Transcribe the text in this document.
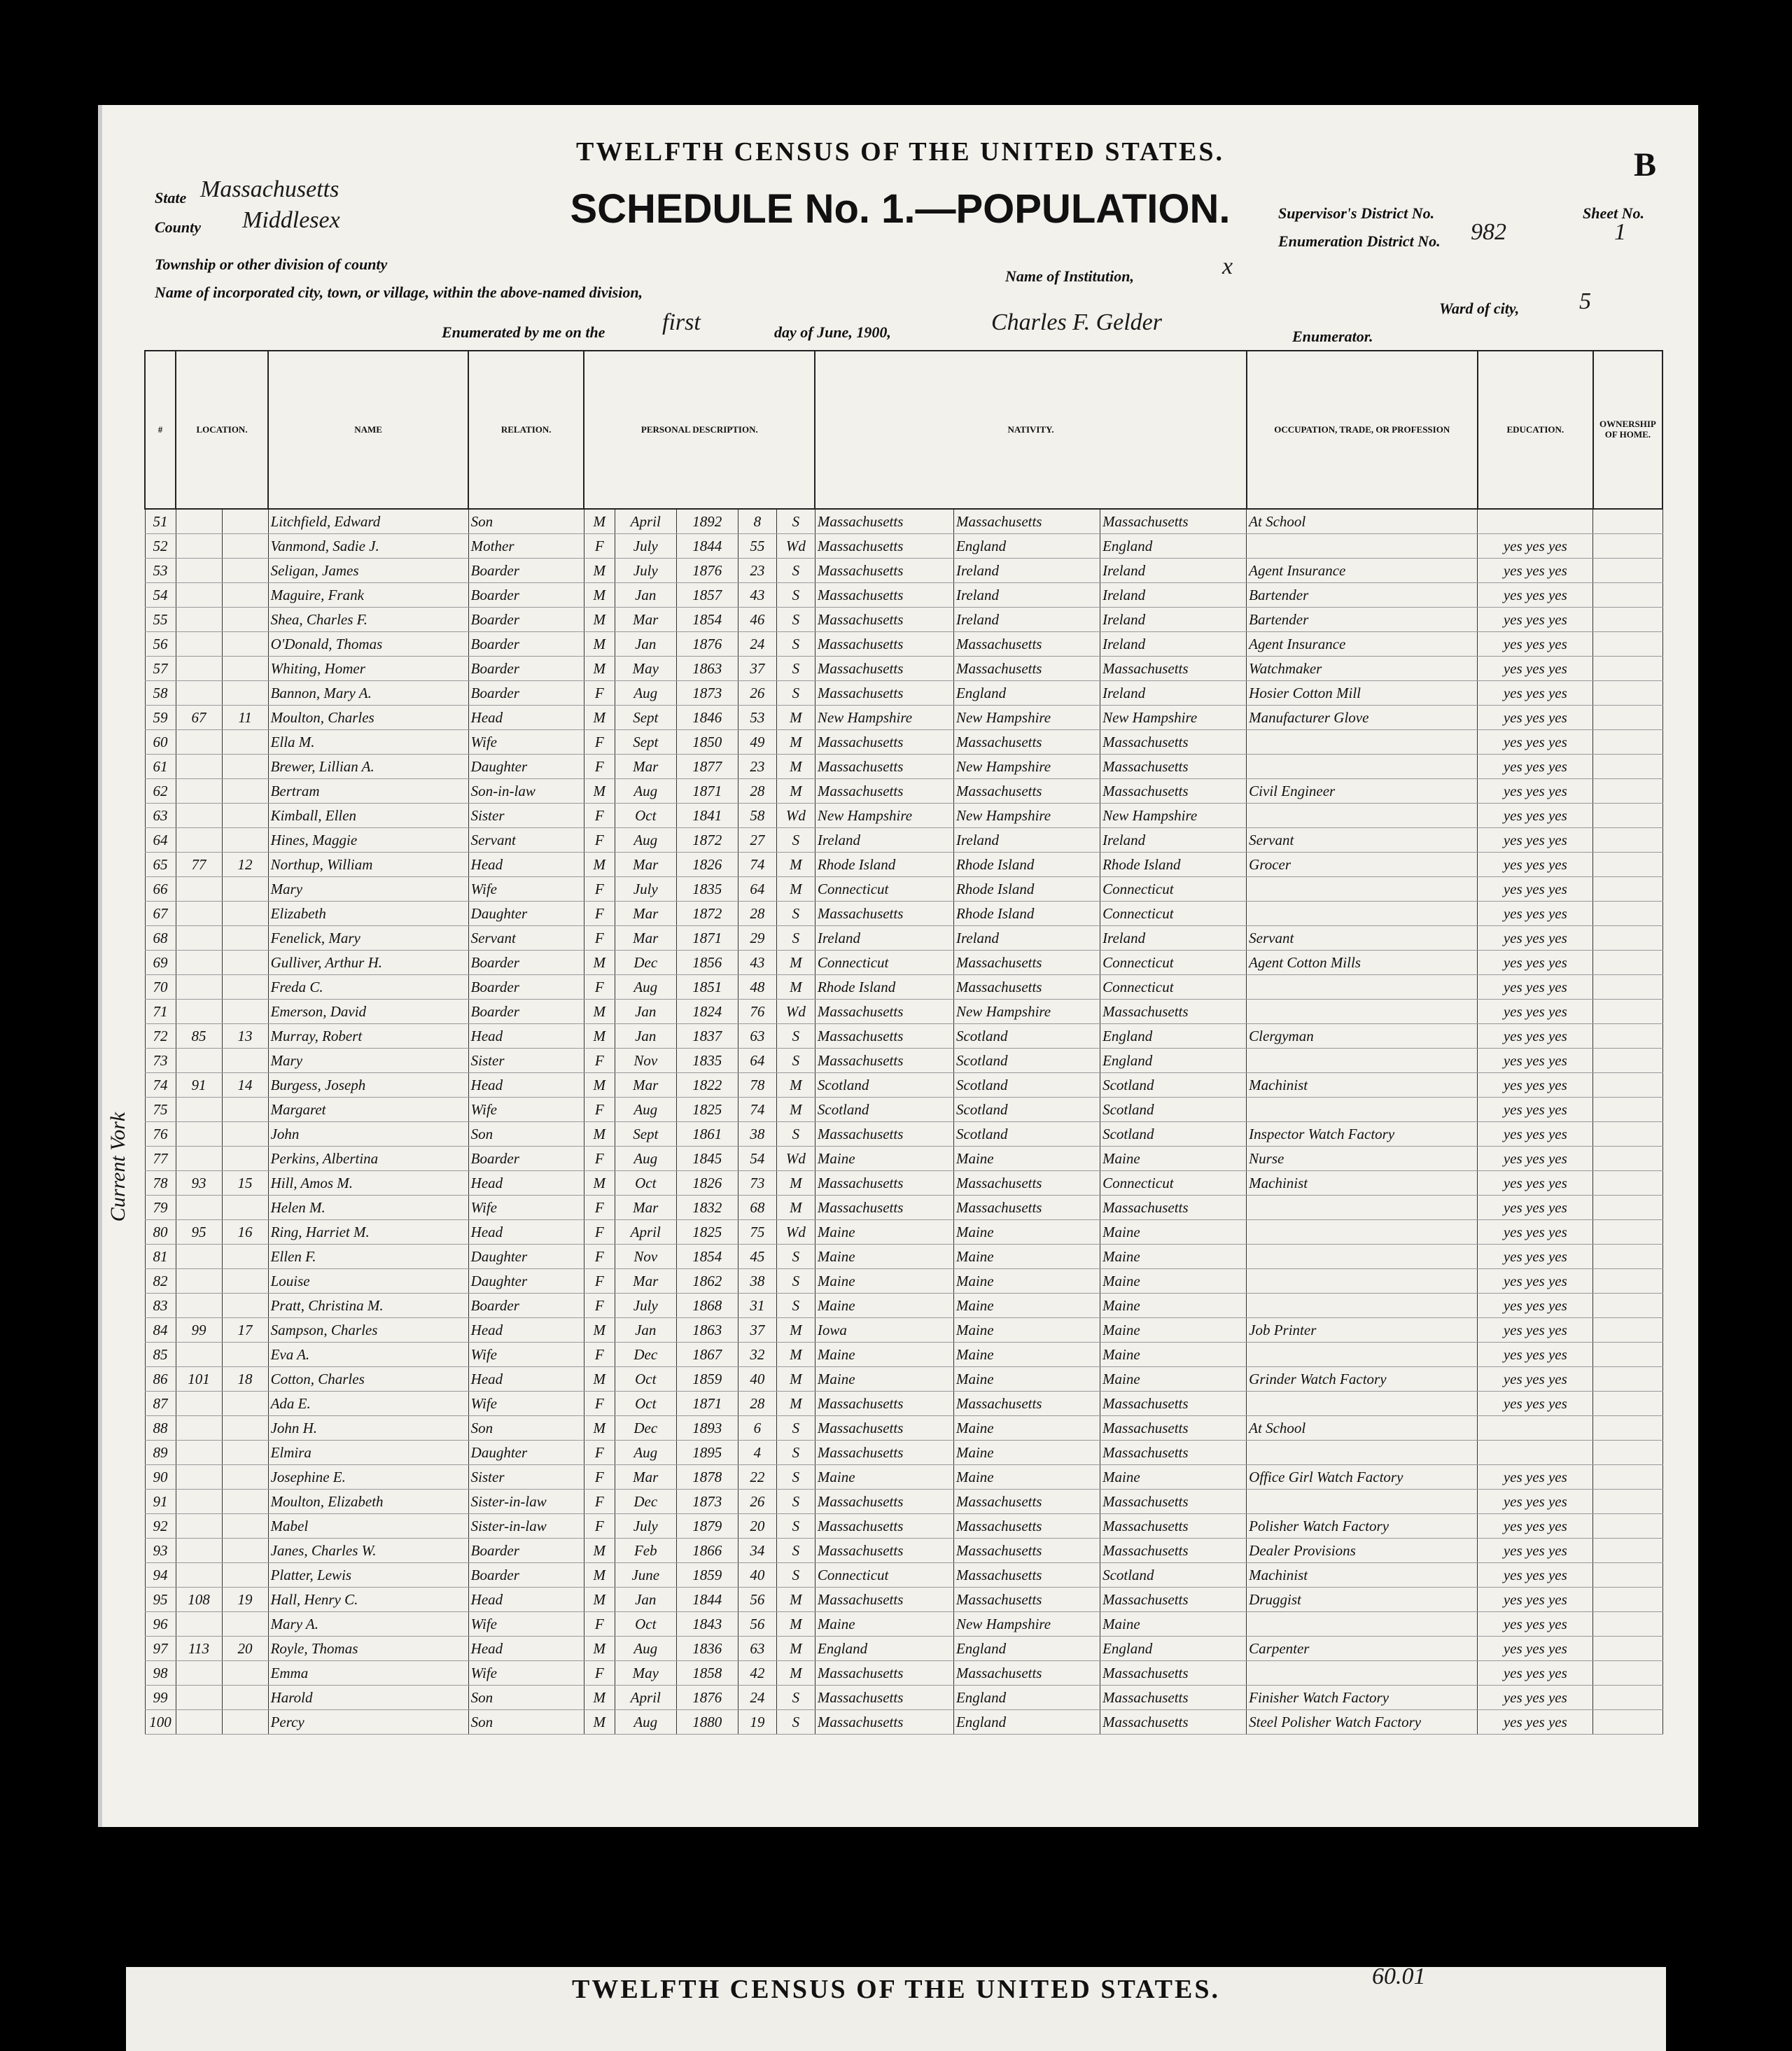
TWELFTH CENSUS OF THE UNITED STATES.
SCHEDULE No. 1.—POPULATION.
B
State Massachusetts
County Middlesex
Township or other division of county
Name of incorporated city, town, or village, within the above-named division,
Name of Institution,	x
Ward of city,	5
Supervisor's District No.
Enumeration District No. 982
Sheet No.
1
Enumerated by me on the first	day of June, 1900,	Charles F. Gelder
Enumerator.
Current Vork
#	LOCATION.		NAME	RELATION.	PERSONAL DESCRIPTION.					NATIVITY.			OCCUPATION, TRADE, OR PROFESSION	EDUCATION.	OWNERSHIP OF HOME.
51			Litchfield, Edward	Son	M	April	1892	8	S	Massachusetts	Massachusetts	Massachusetts	At School		
52			Vanmond, Sadie J.	Mother	F	July	1844	55	Wd	Massachusetts	England	England		yes yes yes	
53			Seligan, James	Boarder	M	July	1876	23	S	Massachusetts	Ireland	Ireland	Agent Insurance	yes yes yes	
54			Maguire, Frank	Boarder	M	Jan	1857	43	S	Massachusetts	Ireland	Ireland	Bartender	yes yes yes	
55			Shea, Charles F.	Boarder	M	Mar	1854	46	S	Massachusetts	Ireland	Ireland	Bartender	yes yes yes	
56			O'Donald, Thomas	Boarder	M	Jan	1876	24	S	Massachusetts	Massachusetts	Ireland	Agent Insurance	yes yes yes	
57			Whiting, Homer	Boarder	M	May	1863	37	S	Massachusetts	Massachusetts	Massachusetts	Watchmaker	yes yes yes	
58			Bannon, Mary A.	Boarder	F	Aug	1873	26	S	Massachusetts	England	Ireland	Hosier Cotton Mill	yes yes yes	
59	67	11	Moulton, Charles	Head	M	Sept	1846	53	M	New Hampshire	New Hampshire	New Hampshire	Manufacturer Glove	yes yes yes	
60			Ella M.	Wife	F	Sept	1850	49	M	Massachusetts	Massachusetts	Massachusetts		yes yes yes	
61			Brewer, Lillian A.	Daughter	F	Mar	1877	23	M	Massachusetts	New Hampshire	Massachusetts		yes yes yes	
62			Bertram	Son-in-law	M	Aug	1871	28	M	Massachusetts	Massachusetts	Massachusetts	Civil Engineer	yes yes yes	
63			Kimball, Ellen	Sister	F	Oct	1841	58	Wd	New Hampshire	New Hampshire	New Hampshire		yes yes yes	
64			Hines, Maggie	Servant	F	Aug	1872	27	S	Ireland	Ireland	Ireland	Servant	yes yes yes	
65	77	12	Northup, William	Head	M	Mar	1826	74	M	Rhode Island	Rhode Island	Rhode Island	Grocer	yes yes yes	
66			Mary	Wife	F	July	1835	64	M	Connecticut	Rhode Island	Connecticut		yes yes yes	
67			Elizabeth	Daughter	F	Mar	1872	28	S	Massachusetts	Rhode Island	Connecticut		yes yes yes	
68			Fenelick, Mary	Servant	F	Mar	1871	29	S	Ireland	Ireland	Ireland	Servant	yes yes yes	
69			Gulliver, Arthur H.	Boarder	M	Dec	1856	43	M	Connecticut	Massachusetts	Connecticut	Agent Cotton Mills	yes yes yes	
70			Freda C.	Boarder	F	Aug	1851	48	M	Rhode Island	Massachusetts	Connecticut		yes yes yes	
71			Emerson, David	Boarder	M	Jan	1824	76	Wd	Massachusetts	New Hampshire	Massachusetts		yes yes yes	
72	85	13	Murray, Robert	Head	M	Jan	1837	63	S	Massachusetts	Scotland	England	Clergyman	yes yes yes	
73			Mary	Sister	F	Nov	1835	64	S	Massachusetts	Scotland	England		yes yes yes	
74	91	14	Burgess, Joseph	Head	M	Mar	1822	78	M	Scotland	Scotland	Scotland	Machinist	yes yes yes	
75			Margaret	Wife	F	Aug	1825	74	M	Scotland	Scotland	Scotland		yes yes yes	
76			John	Son	M	Sept	1861	38	S	Massachusetts	Scotland	Scotland	Inspector Watch Factory	yes yes yes	
77			Perkins, Albertina	Boarder	F	Aug	1845	54	Wd	Maine	Maine	Maine	Nurse	yes yes yes	
78	93	15	Hill, Amos M.	Head	M	Oct	1826	73	M	Massachusetts	Massachusetts	Connecticut	Machinist	yes yes yes	
79			Helen M.	Wife	F	Mar	1832	68	M	Massachusetts	Massachusetts	Massachusetts		yes yes yes	
80	95	16	Ring, Harriet M.	Head	F	April	1825	75	Wd	Maine	Maine	Maine		yes yes yes	
81			Ellen F.	Daughter	F	Nov	1854	45	S	Maine	Maine	Maine		yes yes yes	
82			Louise	Daughter	F	Mar	1862	38	S	Maine	Maine	Maine		yes yes yes	
83			Pratt, Christina M.	Boarder	F	July	1868	31	S	Maine	Maine	Maine		yes yes yes	
84	99	17	Sampson, Charles	Head	M	Jan	1863	37	M	Iowa	Maine	Maine	Job Printer	yes yes yes	
85			Eva A.	Wife	F	Dec	1867	32	M	Maine	Maine	Maine		yes yes yes	
86	101	18	Cotton, Charles	Head	M	Oct	1859	40	M	Maine	Maine	Maine	Grinder Watch Factory	yes yes yes	
87			Ada E.	Wife	F	Oct	1871	28	M	Massachusetts	Massachusetts	Massachusetts		yes yes yes	
88			John H.	Son	M	Dec	1893	6	S	Massachusetts	Maine	Massachusetts	At School		
89			Elmira	Daughter	F	Aug	1895	4	S	Massachusetts	Maine	Massachusetts			
90			Josephine E.	Sister	F	Mar	1878	22	S	Maine	Maine	Maine	Office Girl Watch Factory	yes yes yes	
91			Moulton, Elizabeth	Sister-in-law	F	Dec	1873	26	S	Massachusetts	Massachusetts	Massachusetts		yes yes yes	
92			Mabel	Sister-in-law	F	July	1879	20	S	Massachusetts	Massachusetts	Massachusetts	Polisher Watch Factory	yes yes yes	
93			Janes, Charles W.	Boarder	M	Feb	1866	34	S	Massachusetts	Massachusetts	Massachusetts	Dealer Provisions	yes yes yes	
94			Platter, Lewis	Boarder	M	June	1859	40	S	Connecticut	Massachusetts	Scotland	Machinist	yes yes yes	
95	108	19	Hall, Henry C.	Head	M	Jan	1844	56	M	Massachusetts	Massachusetts	Massachusetts	Druggist	yes yes yes	
96			Mary A.	Wife	F	Oct	1843	56	M	Maine	New Hampshire	Maine		yes yes yes	
97	113	20	Royle, Thomas	Head	M	Aug	1836	63	M	England	England	England	Carpenter	yes yes yes	
98			Emma	Wife	F	May	1858	42	M	Massachusetts	Massachusetts	Massachusetts		yes yes yes	
99			Harold	Son	M	April	1876	24	S	Massachusetts	England	Massachusetts	Finisher Watch Factory	yes yes yes	
100			Percy	Son	M	Aug	1880	19	S	Massachusetts	England	Massachusetts	Steel Polisher Watch Factory	yes yes yes	
TWELFTH CENSUS OF THE UNITED STATES.	60.01
